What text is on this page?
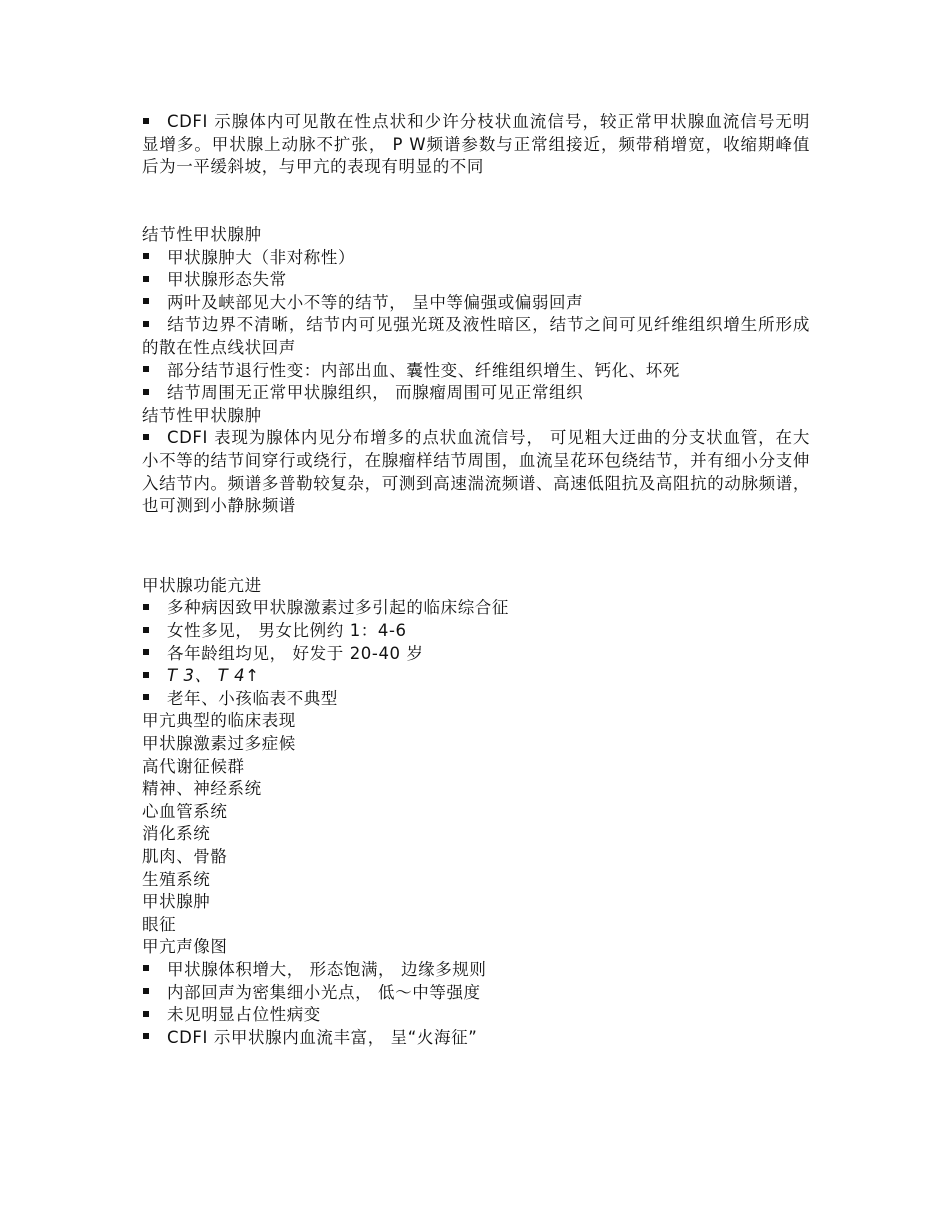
CDFI 示腺体内可见散在性点状和少许分枝状血流信号，较正常甲状腺血流信号无明显增多。甲状腺上动脉不扩张， P W频谱参数与正常组接近，频带稍增宽，收缩期峰值后为一平缓斜坡，与甲亢的表现有明显的不同
结节性甲状腺肿
甲状腺肿大（非对称性）
甲状腺形态失常
两叶及峡部见大小不等的结节， 呈中等偏强或偏弱回声
结节边界不清晰，结节内可见强光斑及液性暗区，结节之间可见纤维组织增生所形成的散在性点线状回声
部分结节退行性变：内部出血、囊性变、纤维组织增生、钙化、坏死
结节周围无正常甲状腺组织， 而腺瘤周围可见正常组织
结节性甲状腺肿
CDFI 表现为腺体内见分布增多的点状血流信号， 可见粗大迂曲的分支状血管，在大小不等的结节间穿行或绕行，在腺瘤样结节周围，血流呈花环包绕结节，并有细小分支伸入结节内。频谱多普勒较复杂，可测到高速湍流频谱、高速低阻抗及高阻抗的动脉频谱， 也可测到小静脉频谱
甲状腺功能亢进
多种病因致甲状腺激素过多引起的临床综合征
女性多见， 男女比例约 1：4-6
各年龄组均见， 好发于 20-40 岁
T 3、 T 4↑
老年、小孩临表不典型
甲亢典型的临床表现
甲状腺激素过多症候
高代谢征候群
精神、神经系统
心血管系统
消化系统
肌肉、骨骼
生殖系统
甲状腺肿
眼征
甲亢声像图
甲状腺体积增大， 形态饱满， 边缘多规则
内部回声为密集细小光点， 低～中等强度
未见明显占位性病变
CDFI 示甲状腺内血流丰富， 呈“火海征”
